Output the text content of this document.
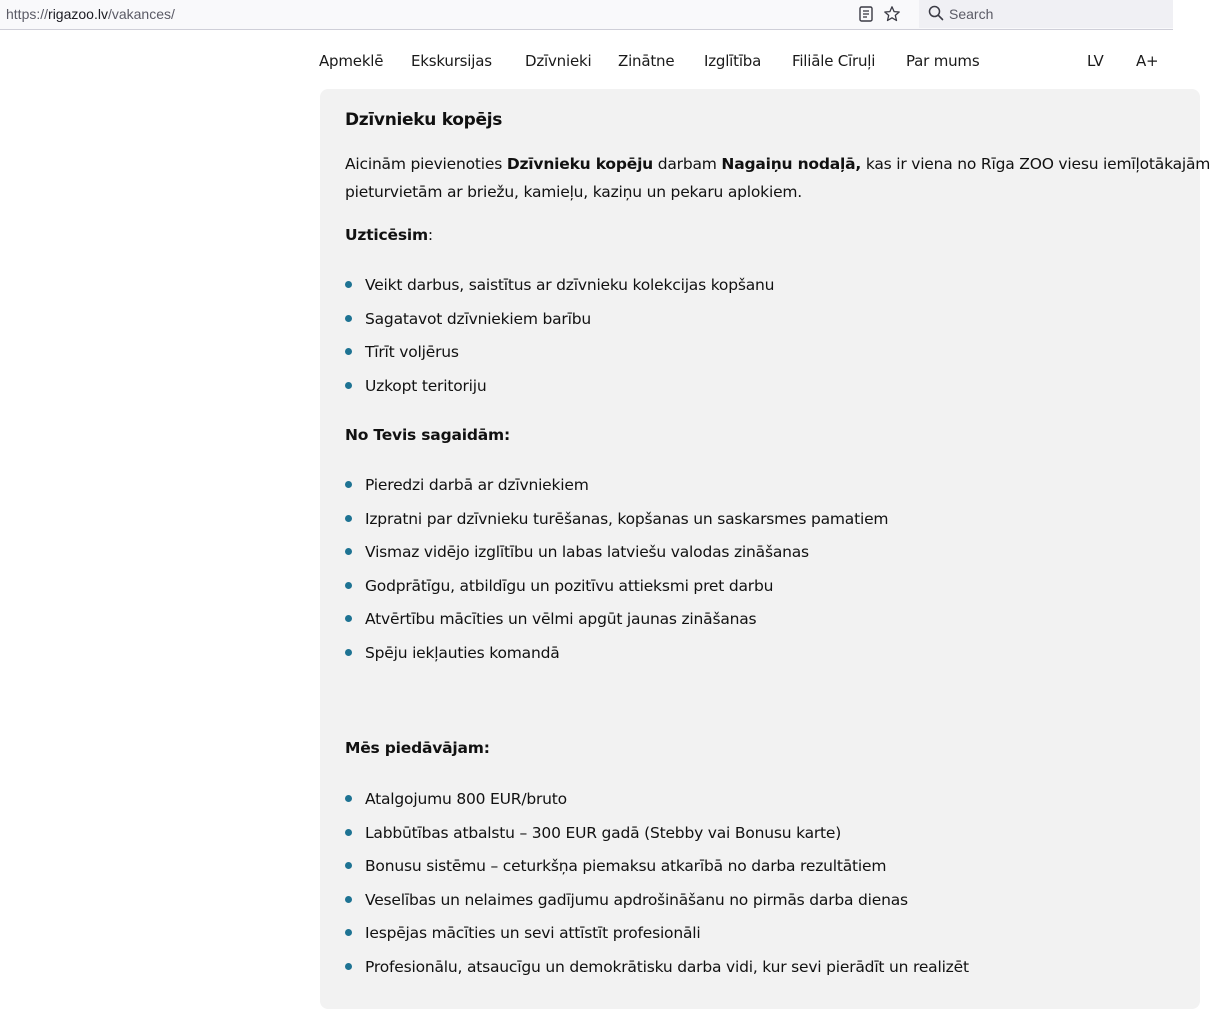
https://rigazoo.lv/vakances/	Search
Apmeklē Ekskursijas Dzīvnieki Zinātne Izglītība Filiāle Cīruļi Par mums	LV A+
Dzīvnieku kopējs

Aicinām pievienoties Dzīvnieku kopēju darbam Nagaiņu nodaļā, kas ir viena no Rīga ZOO viesu iemīļotākajām

pieturvietām ar briežu, kamieļu, kaziņu un pekaru aplokiem.

Uzticēsim:
Veikt darbus, saistītus ar dzīvnieku kolekcijas kopšanu
Sagatavot dzīvniekiem barību
Tīrīt voljērus
Uzkopt teritoriju
No Tevis sagaidām:
Pieredzi darbā ar dzīvniekiem
Izpratni par dzīvnieku turēšanas, kopšanas un saskarsmes pamatiem
Vismaz vidējo izglītību un labas latviešu valodas zināšanas
Godprātīgu, atbildīgu un pozitīvu attieksmi pret darbu
Atvērtību mācīties un vēlmi apgūt jaunas zināšanas
Spēju iekļauties komandā
Mēs piedāvājam:
Atalgojumu 800 EUR/bruto
Labbūtības atbalstu – 300 EUR gadā (Stebby vai Bonusu karte)
Bonusu sistēmu – ceturkšņa piemaksu atkarībā no darba rezultātiem
Veselības un nelaimes gadījumu apdrošināšanu no pirmās darba dienas
Iespējas mācīties un sevi attīstīt profesionāli
Profesionālu, atsaucīgu un demokrātisku darba vidi, kur sevi pierādīt un realizēt
